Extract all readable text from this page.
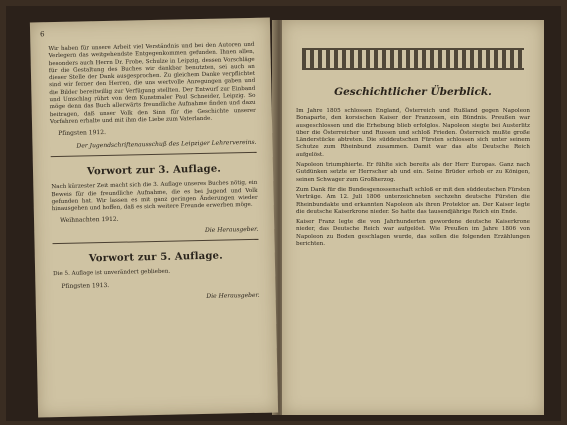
6

Wir haben für unsere Arbeit viel Verständnis und bei den Autoren und Verlegern das weitgehendste Entgegenkommen gefunden. Ihnen allen, besonders auch Herrn Dr. Frobe, Schulze in Leipzig, dessen Vorschläge für die Gestaltung des Buches wir dankbar benutzten, sei auch an dieser Stelle der Dank ausgesprochen. Zu gleichem Danke verpflichtet sind wir ferner den Herren, die uns wertvolle Anregungen gaben und die Bilder bereitwillig zur Verfügung stellten. Der Entwurf zur Einband und Umschlag rührt von dem Kunstmaler Paul Schneider, Leipzig. So möge denn das Buch allerwärts freundliche Aufnahme finden und dazu beitragen, daß unser Volk den Sinn für die Geschichte unserer Vorfahren erhalte und mit ihm die Liebe zum Vaterlande.

Pfingsten 1912.
Der Jugendschriftenausschuß des Leipziger Lehrervereins.
Vorwort zur 3. Auflage.

Nach kürzester Zeit macht sich die 3. Auflage unseres Buches nötig, ein Beweis für die freundliche Aufnahme, die es bei Jugend und Volk gefunden hat. Wir lassen es mit ganz geringen Änderungen wieder hinausgehen und hoffen, daß es sich weitere Freunde erwerben möge.

Weihnachten 1912.
Die Herausgeber.
Vorwort zur 5. Auflage.

Die 5. Auflage ist unverändert geblieben.

Pfingsten 1913.
Die Herausgeber.
Geschichtlicher Überblick.

Im Jahre 1805 schlossen England, Österreich und Rußland gegen Napoleon Bonaparte, den korsischen Kaiser der Franzosen, ein Bündnis. Preußen war ausgeschlossen und die Erhebung blieb erfolglos. Napoleon siegte bei Austerlitz über die Österreicher und Russen und schloß Frieden. Österreich mußte große Länderstücke abtreten. Die süddeutschen Fürsten schlossen sich unter seinem Schutze zum Rheinbund zusammen. Damit war das alte Deutsche Reich aufgelöst.

Napoleon triumphierte. Er fühlte sich bereits als der Herr Europas. Ganz nach Gutdünken setzte er Herrscher ab und ein. Seine Brüder erhob er zu Königen, seinen Schwager zum Großherzog.

Zum Dank für die Bundesgenossenschaft schloß er mit den süddeutschen Fürsten Verträge. Am 12. Juli 1806 unterzeichneten sechzehn deutsche Fürsten die Rheinbundakte und erkannten Napoleon als ihren Protektor an. Der Kaiser legte die deutsche Kaiserkrone nieder. So hatte das tausendjährige Reich ein Ende.

Kaiser Franz legte die von Jahrhunderten gewordene deutsche Kaiserkrone nieder, das Deutsche Reich war aufgelöst. Wie Preußen im Jahre 1806 von Napoleon zu Boden geschlagen wurde, das sollen die folgenden Erzählungen berichten.
